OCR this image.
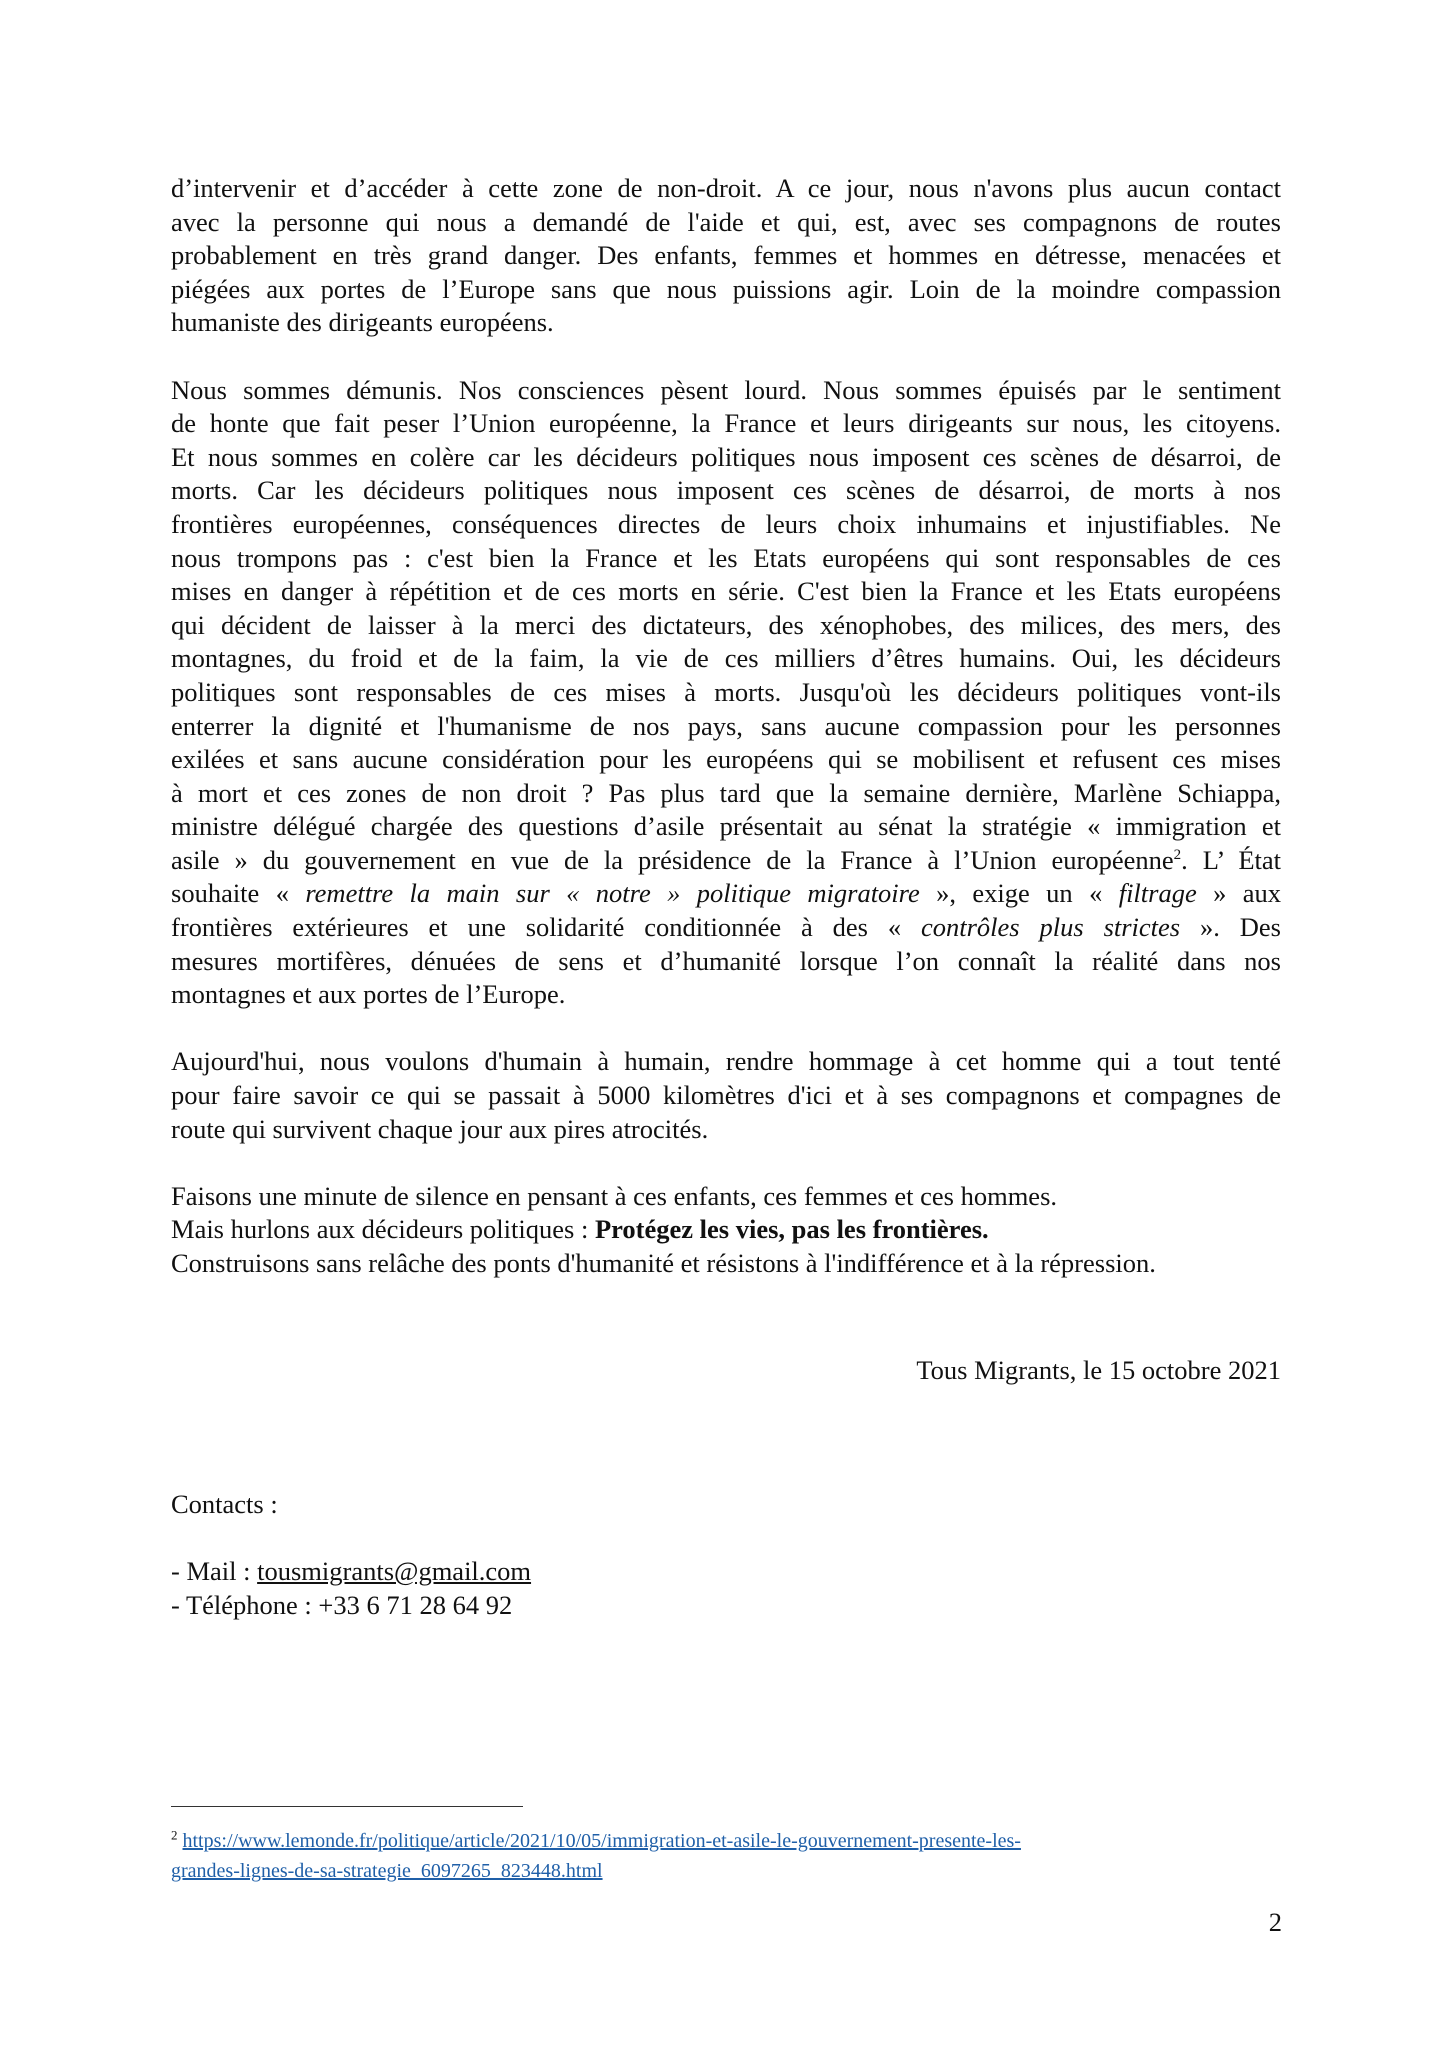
d’intervenir et d’accéder à cette zone de non-droit. A ce jour, nous n'avons plus aucun contact
avec la personne qui nous a demandé de l'aide et qui, est, avec ses compagnons de routes
probablement en très grand danger. Des enfants, femmes et hommes en détresse, menacées et
piégées aux portes de l’Europe sans que nous puissions agir. Loin de la moindre compassion
humaniste des dirigeants européens.

Nous sommes démunis. Nos consciences pèsent lourd. Nous sommes épuisés par le sentiment
de honte que fait peser l’Union européenne, la France et leurs dirigeants sur nous, les citoyens.
Et nous sommes en colère car les décideurs politiques nous imposent ces scènes de désarroi, de
morts. Car les décideurs politiques nous imposent ces scènes de désarroi, de morts à nos
frontières européennes, conséquences directes de leurs choix inhumains et injustifiables. Ne
nous trompons pas : c'est bien la France et les Etats européens qui sont responsables de ces
mises en danger à répétition et de ces morts en série. C'est bien la France et les Etats européens
qui décident de laisser à la merci des dictateurs, des xénophobes, des milices, des mers, des
montagnes, du froid et de la faim, la vie de ces milliers d’êtres humains. Oui, les décideurs
politiques sont responsables de ces mises à morts. Jusqu'où les décideurs politiques vont-ils
enterrer la dignité et l'humanisme de nos pays, sans aucune compassion pour les personnes
exilées et sans aucune considération pour les européens qui se mobilisent et refusent ces mises
à mort et ces zones de non droit ? Pas plus tard que la semaine dernière, Marlène Schiappa,
ministre délégué chargée des questions d’asile présentait au sénat la stratégie « immigration et
asile » du gouvernement en vue de la présidence de la France à l’Union européenne$^2$. L’ État
souhaite « remettre la main sur « notre » politique migratoire », exige un « filtrage » aux
frontières extérieures et une solidarité conditionnée à des « contrôles plus strictes ». Des
mesures mortifères, dénuées de sens et d’humanité lorsque l’on connaît la réalité dans nos
montagnes et aux portes de l’Europe.

Aujourd'hui, nous voulons d'humain à humain, rendre hommage à cet homme qui a tout tenté
pour faire savoir ce qui se passait à 5000 kilomètres d'ici et à ses compagnons et compagnes de
route qui survivent chaque jour aux pires atrocités.

Faisons une minute de silence en pensant à ces enfants, ces femmes et ces hommes.
Mais hurlons aux décideurs politiques : Protégez les vies, pas les frontières.
Construisons sans relâche des ponts d'humanité et résistons à l'indifférence et à la répression.

Tous Migrants, le 15 octobre 2021
Contacts :
- Mail : tousmigrants@gmail.com
- Téléphone : +33 6 71 28 64 92
$^2$ https://www.lemonde.fr/politique/article/2021/10/05/immigration-et-asile-le-gouvernement-presente-les-
grandes-lignes-de-sa-strategie_6097265_823448.html
2
